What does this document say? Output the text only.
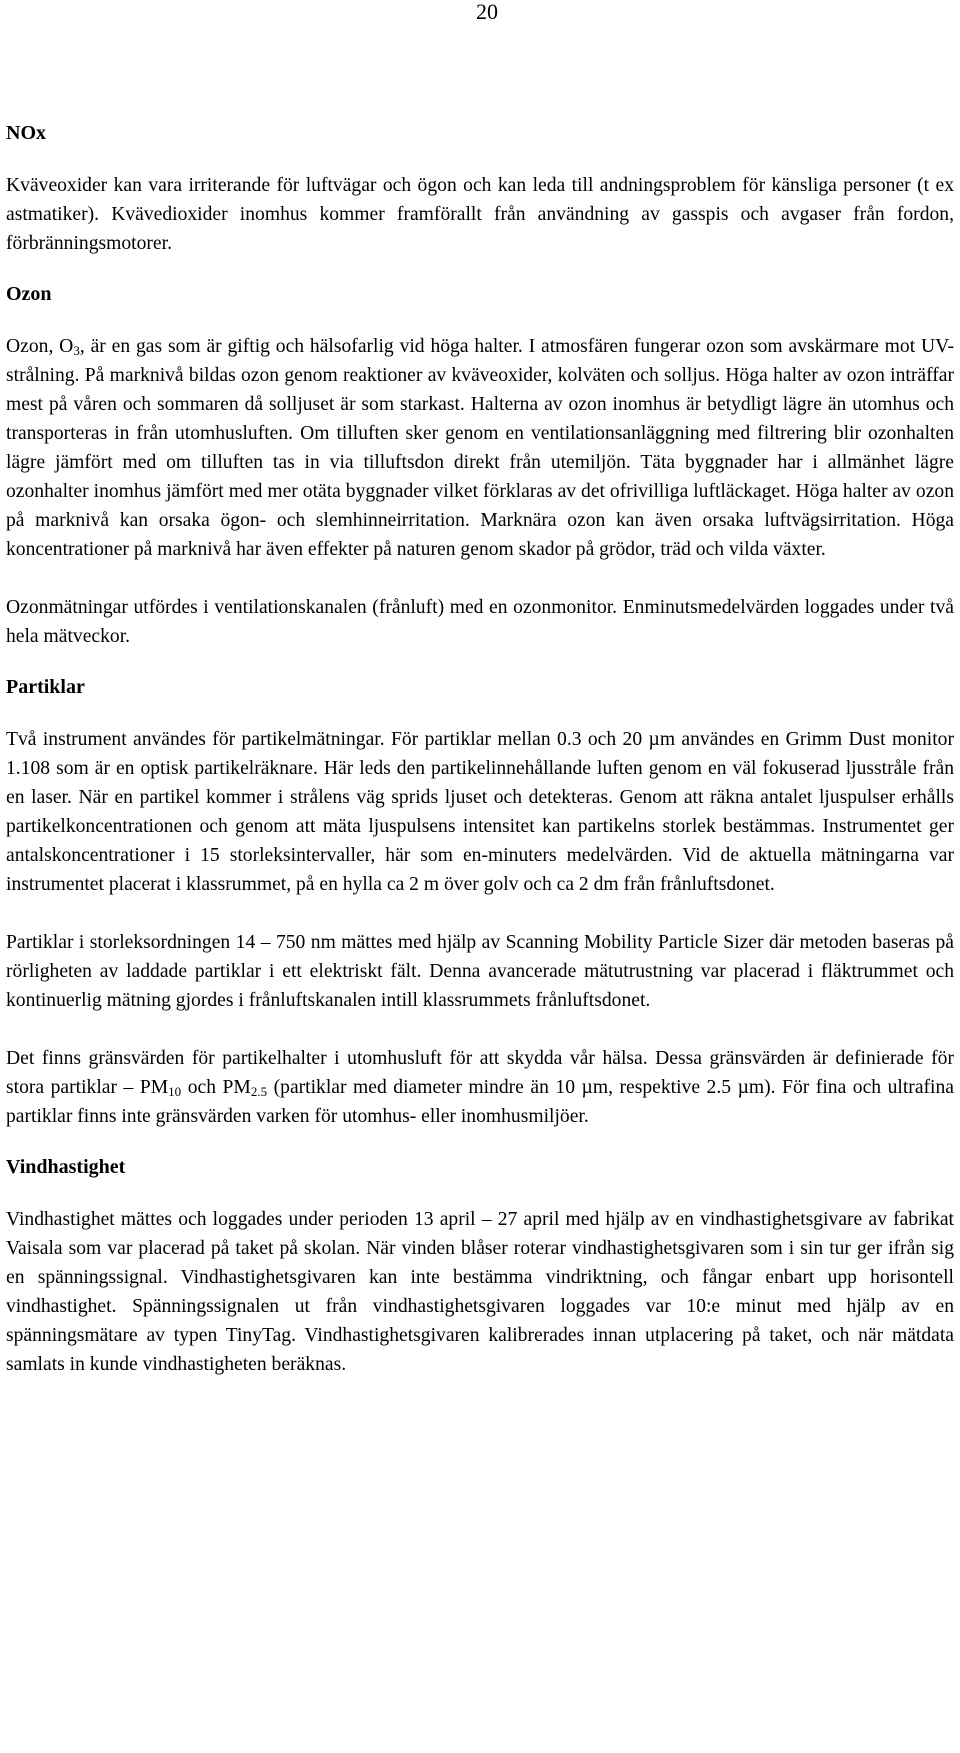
20
NOx

Kväveoxider kan vara irriterande för luftvägar och ögon och kan leda till andningsproblem för känsliga personer (t ex astmatiker). Kvävedioxider inomhus kommer framförallt från användning av gasspis och avgaser från fordon, förbränningsmotorer.

Ozon

Ozon, $O_3$, är en gas som är giftig och hälsofarlig vid höga halter. I atmosfären fungerar ozon som avskärmare mot UV-strålning. På marknivå bildas ozon genom reaktioner av kväveoxider, kolväten och solljus. Höga halter av ozon inträffar mest på våren och sommaren då solljuset är som starkast. Halterna av ozon inomhus är betydligt lägre än utomhus och transporteras in från utomhusluften. Om tilluften sker genom en ventilationsanläggning med filtrering blir ozonhalten lägre jämfört med om tilluften tas in via tilluftsdon direkt från utemiljön. Täta byggnader har i allmänhet lägre ozonhalter inomhus jämfört med mer otäta byggnader vilket förklaras av det ofrivilliga luftläckaget. Höga halter av ozon på marknivå kan orsaka ögon- och slemhinneirritation. Marknära ozon kan även orsaka luftvägsirritation. Höga koncentrationer på marknivå har även effekter på naturen genom skador på grödor, träd och vilda växter.

Ozonmätningar utfördes i ventilationskanalen (frånluft) med en ozonmonitor. Enminutsmedelvärden loggades under två hela mätveckor.

Partiklar

Två instrument användes för partikelmätningar. För partiklar mellan 0.3 och 20 µm användes en Grimm Dust monitor 1.108 som är en optisk partikelräknare. Här leds den partikelinnehållande luften genom en väl fokuserad ljusstråle från en laser. När en partikel kommer i strålens väg sprids ljuset och detekteras. Genom att räkna antalet ljuspulser erhålls partikelkoncentrationen och genom att mäta ljuspulsens intensitet kan partikelns storlek bestämmas. Instrumentet ger antalskoncentrationer i 15 storleksintervaller, här som en-minuters medelvärden. Vid de aktuella mätningarna var instrumentet placerat i klassrummet, på en hylla ca 2 m över golv och ca 2 dm från frånluftsdonet.

Partiklar i storleksordningen 14 – 750 nm mättes med hjälp av Scanning Mobility Particle Sizer där metoden baseras på rörligheten av laddade partiklar i ett elektriskt fält. Denna avancerade mätutrustning var placerad i fläktrummet och kontinuerlig mätning gjordes i frånluftskanalen intill klassrummets frånluftsdonet.

Det finns gränsvärden för partikelhalter i utomhusluft för att skydda vår hälsa. Dessa gränsvärden är definierade för stora partiklar – $PM_{10}$ och $PM_{2.5}$ (partiklar med diameter mindre än 10 µm, respektive 2.5 µm). För fina och ultrafina partiklar finns inte gränsvärden varken för utomhus- eller inomhusmiljöer.

Vindhastighet

Vindhastighet mättes och loggades under perioden 13 april – 27 april med hjälp av en vindhastighetsgivare av fabrikat Vaisala som var placerad på taket på skolan. När vinden blåser roterar vindhastighetsgivaren som i sin tur ger ifrån sig en spänningssignal. Vindhastighetsgivaren kan inte bestämma vindriktning, och fångar enbart upp horisontell vindhastighet. Spänningssignalen ut från vindhastighetsgivaren loggades var 10:e minut med hjälp av en spänningsmätare av typen TinyTag. Vindhastighetsgivaren kalibrerades innan utplacering på taket, och när mätdata samlats in kunde vindhastigheten beräknas.
